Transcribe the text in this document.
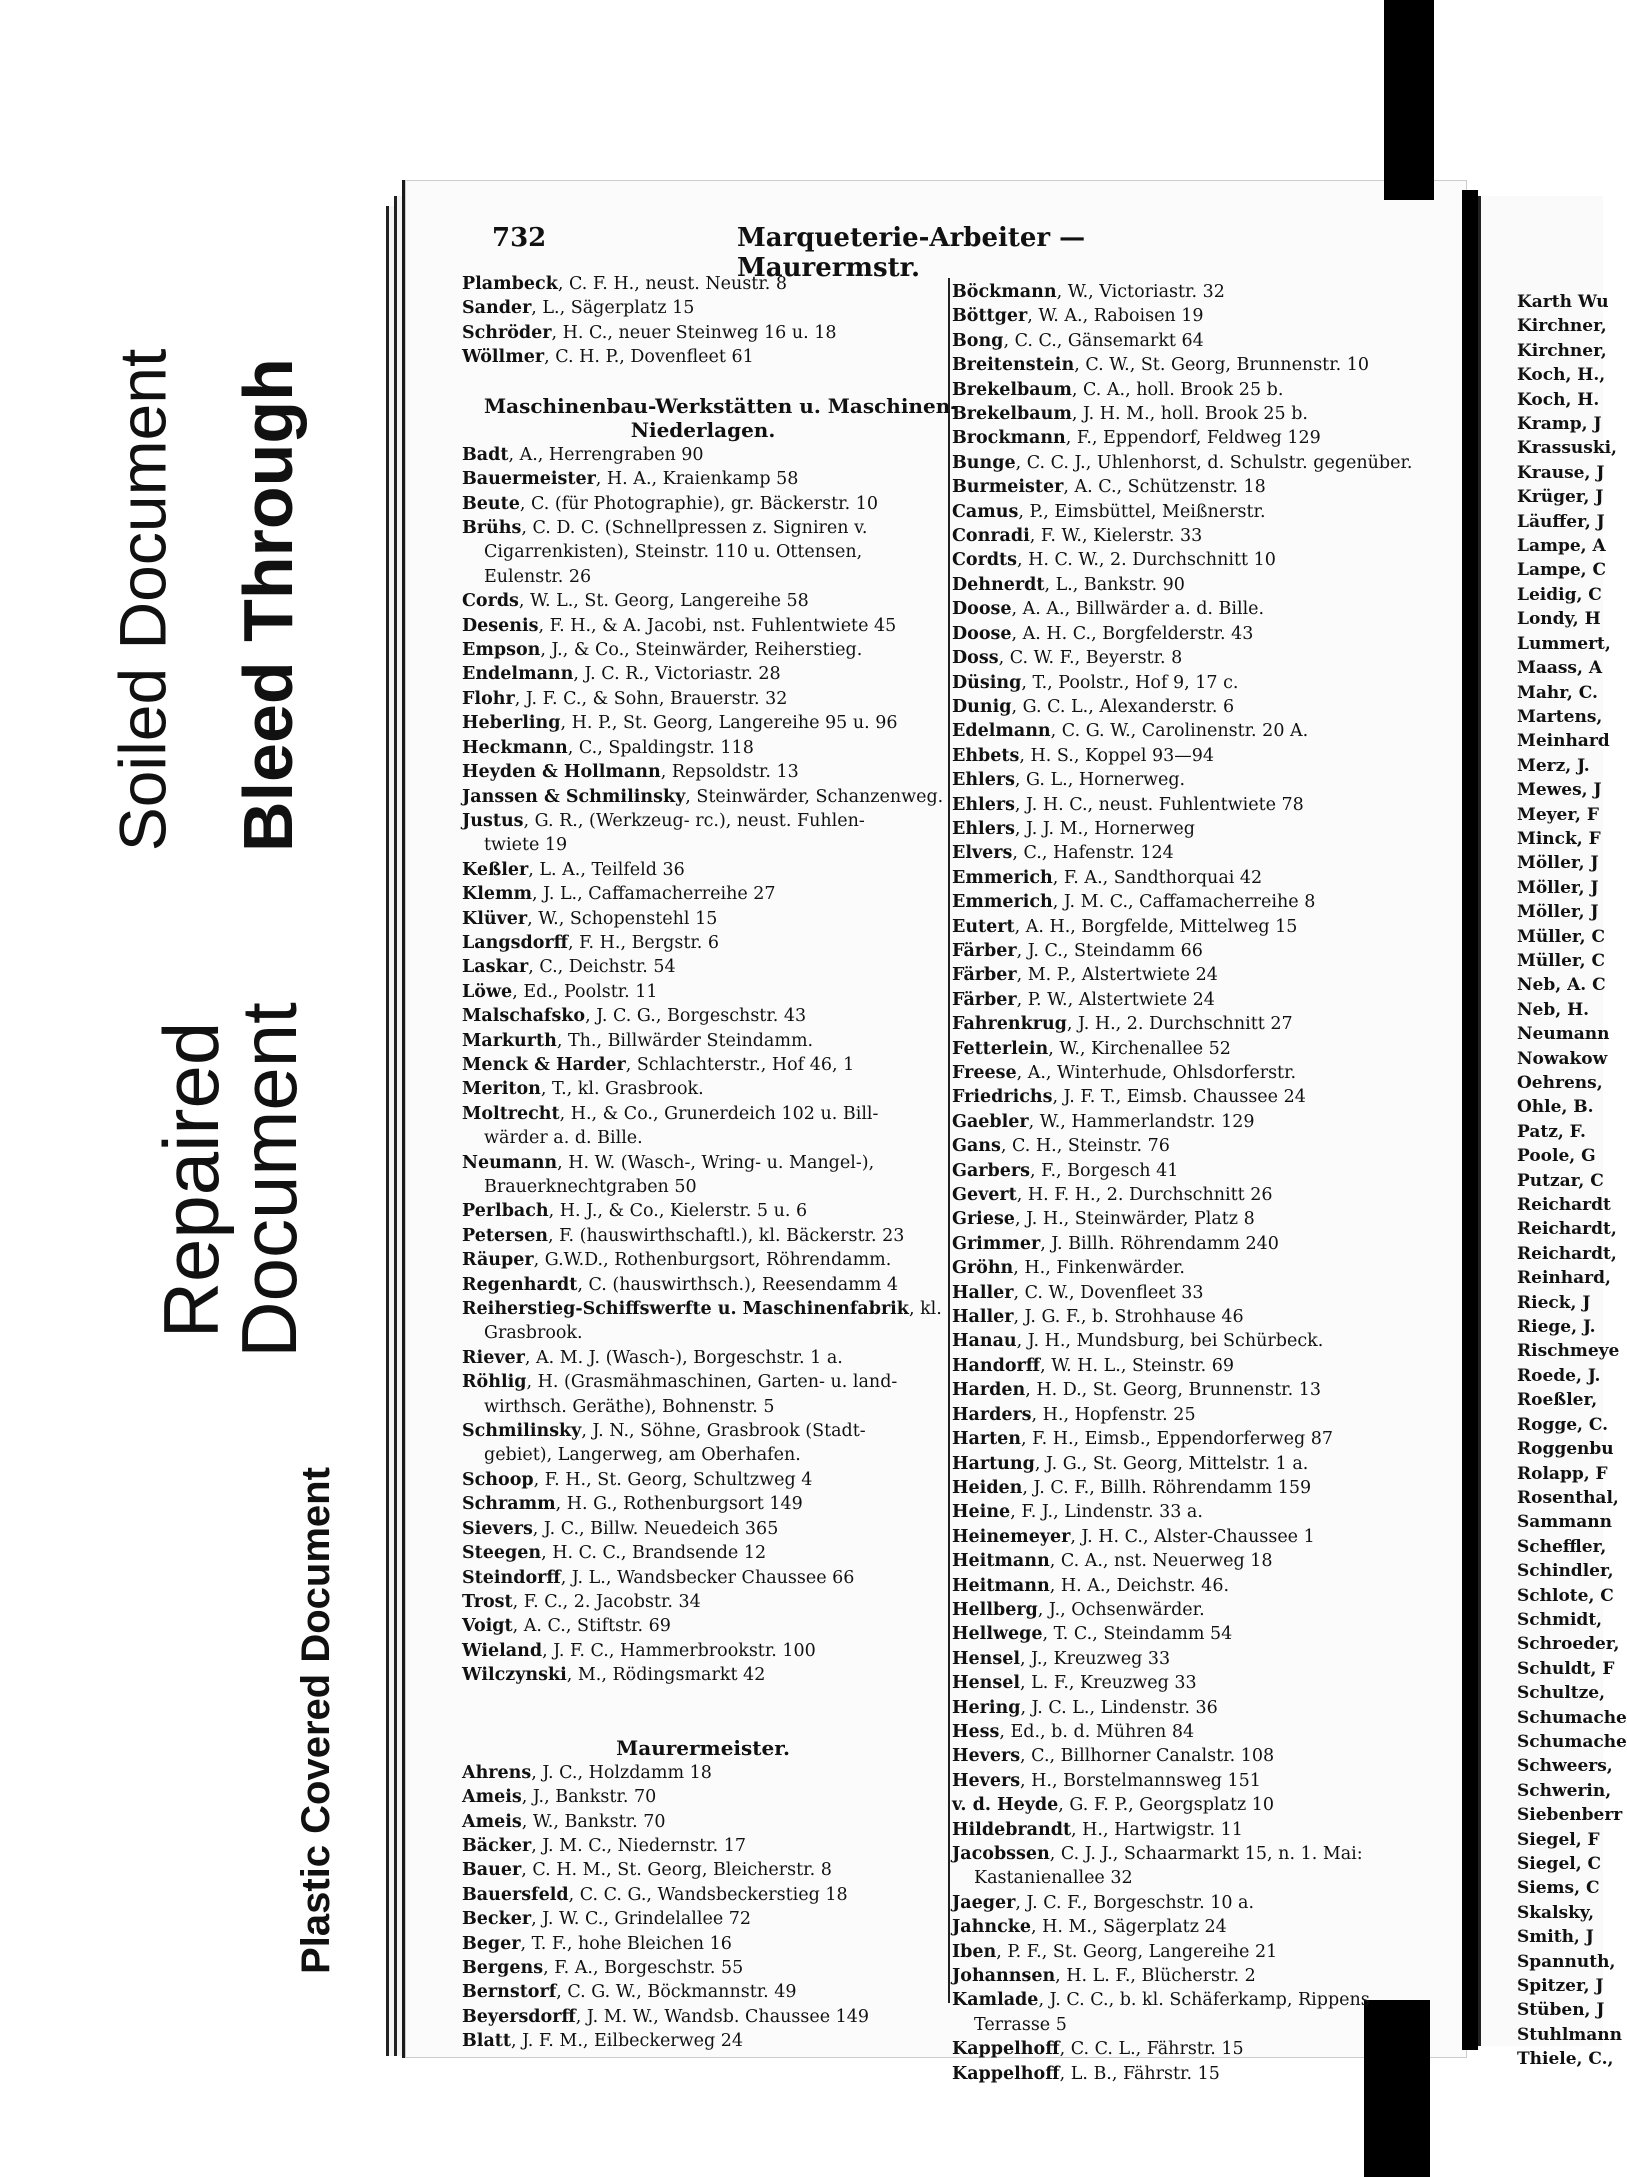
Soiled Document Bleed Through
Repaired
Document
Plastic Covered Document
Karth Wu
Kirchner,
Kirchner,
Koch, H.,
Koch, H.
Kramp, J
Krassuski,
Krause, J
Krüger, J
Läuffer, J
Lampe, A
Lampe, C
Leidig, C
Londy, H
Lummert,
Maass, A
Mahr, C.
Martens,
Meinhard
Merz, J.
Mewes, J
Meyer, F
Minck, F
Möller, J
Möller, J
Möller, J
Müller, C
Müller, C
Neb, A. C
Neb, H.
Neumann
Nowakow
Oehrens,
Ohle, B.
Patz, F.
Poole, G
Putzar, C
Reichardt
Reichardt,
Reichardt,
Reinhard,
Rieck, J
Riege, J.
Rischmeye
Roede, J.
Roeßler,
Rogge, C.
Roggenbu
Rolapp, F
Rosenthal,
Sammann
Scheffler,
Schindler,
Schlote, C
Schmidt,
Schroeder,
Schuldt, F
Schultze,
Schumache
Schumache
Schweers,
Schwerin,
Siebenberr
Siegel, F
Siegel, C
Siems, C
Skalsky,
Smith, J
Spannuth,
Spitzer, J
Stüben, J
Stuhlmann
Thiele, C.,
732	Marqueterie-Arbeiter — Maurermstr.
Plambeck, C. F. H., neust. Neustr. 8
Sander, L., Sägerplatz 15
Schröder, H. C., neuer Steinweg 16 u. 18
Wöllmer, C. H. P., Dovenfleet 61
Maschinenbau-Werkstätten u. Maschinen-
Niederlagen.
Badt, A., Herrengraben 90
Bauermeister, H. A., Kraienkamp 58
Beute, C. (für Photographie), gr. Bäckerstr. 10
Brühs, C. D. C. (Schnellpressen z. Signiren v.
Cigarrenkisten), Steinstr. 110 u. Ottensen,
Eulenstr. 26
Cords, W. L., St. Georg, Langereihe 58
Desenis, F. H., & A. Jacobi, nst. Fuhlentwiete 45
Empson, J., & Co., Steinwärder, Reiherstieg.
Endelmann, J. C. R., Victoriastr. 28
Flohr, J. F. C., & Sohn, Brauerstr. 32
Heberling, H. P., St. Georg, Langereihe 95 u. 96
Heckmann, C., Spaldingstr. 118
Heyden & Hollmann, Repsoldstr. 13
Janssen & Schmilinsky, Steinwärder, Schanzenweg.
Justus, G. R., (Werkzeug- rc.), neust. Fuhlen-
twiete 19
Keßler, L. A., Teilfeld 36
Klemm, J. L., Caffamacherreihe 27
Klüver, W., Schopenstehl 15
Langsdorff, F. H., Bergstr. 6
Laskar, C., Deichstr. 54
Löwe, Ed., Poolstr. 11
Malschafsko, J. C. G., Borgeschstr. 43
Markurth, Th., Billwärder Steindamm.
Menck & Harder, Schlachterstr., Hof 46, 1
Meriton, T., kl. Grasbrook.
Moltrecht, H., & Co., Grunerdeich 102 u. Bill-
wärder a. d. Bille.
Neumann, H. W. (Wasch-, Wring- u. Mangel-),
Brauerknechtgraben 50
Perlbach, H. J., & Co., Kielerstr. 5 u. 6
Petersen, F. (hauswirthschaftl.), kl. Bäckerstr. 23
Räuper, G.W.D., Rothenburgsort, Röhrendamm.
Regenhardt, C. (hauswirthsch.), Reesendamm 4
Reiherstieg-Schiffswerfte u. Maschinenfabrik, kl.
Grasbrook.
Riever, A. M. J. (Wasch-), Borgeschstr. 1 a.
Röhlig, H. (Grasmähmaschinen, Garten- u. land-
wirthsch. Geräthe), Bohnenstr. 5
Schmilinsky, J. N., Söhne, Grasbrook (Stadt-
gebiet), Langerweg, am Oberhafen.
Schoop, F. H., St. Georg, Schultzweg 4
Schramm, H. G., Rothenburgsort 149
Sievers, J. C., Billw. Neuedeich 365
Steegen, H. C. C., Brandsende 12
Steindorff, J. L., Wandsbecker Chaussee 66
Trost, F. C., 2. Jacobstr. 34
Voigt, A. C., Stiftstr. 69
Wieland, J. F. C., Hammerbrookstr. 100
Wilczynski, M., Rödingsmarkt 42
Maurermeister.
Ahrens, J. C., Holzdamm 18
Ameis, J., Bankstr. 70
Ameis, W., Bankstr. 70
Bäcker, J. M. C., Niedernstr. 17
Bauer, C. H. M., St. Georg, Bleicherstr. 8
Bauersfeld, C. C. G., Wandsbeckerstieg 18
Becker, J. W. C., Grindelallee 72
Beger, T. F., hohe Bleichen 16
Bergens, F. A., Borgeschstr. 55
Bernstorf, C. G. W., Böckmannstr. 49
Beyersdorff, J. M. W., Wandsb. Chaussee 149
Blatt, J. F. M., Eilbeckerweg 24
Böckmann, W., Victoriastr. 32
Böttger, W. A., Raboisen 19
Bong, C. C., Gänsemarkt 64
Breitenstein, C. W., St. Georg, Brunnenstr. 10
Brekelbaum, C. A., holl. Brook 25 b.
Brekelbaum, J. H. M., holl. Brook 25 b.
Brockmann, F., Eppendorf, Feldweg 129
Bunge, C. C. J., Uhlenhorst, d. Schulstr. gegenüber.
Burmeister, A. C., Schützenstr. 18
Camus, P., Eimsbüttel, Meißnerstr.
Conradi, F. W., Kielerstr. 33
Cordts, H. C. W., 2. Durchschnitt 10
Dehnerdt, L., Bankstr. 90
Doose, A. A., Billwärder a. d. Bille.
Doose, A. H. C., Borgfelderstr. 43
Doss, C. W. F., Beyerstr. 8
Düsing, T., Poolstr., Hof 9, 17 c.
Dunig, G. C. L., Alexanderstr. 6
Edelmann, C. G. W., Carolinenstr. 20 A.
Ehbets, H. S., Koppel 93—94
Ehlers, G. L., Hornerweg.
Ehlers, J. H. C., neust. Fuhlentwiete 78
Ehlers, J. J. M., Hornerweg
Elvers, C., Hafenstr. 124
Emmerich, F. A., Sandthorquai 42
Emmerich, J. M. C., Caffamacherreihe 8
Eutert, A. H., Borgfelde, Mittelweg 15
Färber, J. C., Steindamm 66
Färber, M. P., Alstertwiete 24
Färber, P. W., Alstertwiete 24
Fahrenkrug, J. H., 2. Durchschnitt 27
Fetterlein, W., Kirchenallee 52
Freese, A., Winterhude, Ohlsdorferstr.
Friedrichs, J. F. T., Eimsb. Chaussee 24
Gaebler, W., Hammerlandstr. 129
Gans, C. H., Steinstr. 76
Garbers, F., Borgesch 41
Gevert, H. F. H., 2. Durchschnitt 26
Griese, J. H., Steinwärder, Platz 8
Grimmer, J. Billh. Röhrendamm 240
Gröhn, H., Finkenwärder.
Haller, C. W., Dovenfleet 33
Haller, J. G. F., b. Strohhause 46
Hanau, J. H., Mundsburg, bei Schürbeck.
Handorff, W. H. L., Steinstr. 69
Harden, H. D., St. Georg, Brunnenstr. 13
Harders, H., Hopfenstr. 25
Harten, F. H., Eimsb., Eppendorferweg 87
Hartung, J. G., St. Georg, Mittelstr. 1 a.
Heiden, J. C. F., Billh. Röhrendamm 159
Heine, F. J., Lindenstr. 33 a.
Heinemeyer, J. H. C., Alster-Chaussee 1
Heitmann, C. A., nst. Neuerweg 18
Heitmann, H. A., Deichstr. 46.
Hellberg, J., Ochsenwärder.
Hellwege, T. C., Steindamm 54
Hensel, J., Kreuzweg 33
Hensel, L. F., Kreuzweg 33
Hering, J. C. L., Lindenstr. 36
Hess, Ed., b. d. Mühren 84
Hevers, C., Billhorner Canalstr. 108
Hevers, H., Borstelmannsweg 151
v. d. Heyde, G. F. P., Georgsplatz 10
Hildebrandt, H., Hartwigstr. 11
Jacobssen, C. J. J., Schaarmarkt 15, n. 1. Mai:
Kastanienallee 32
Jaeger, J. C. F., Borgeschstr. 10 a.
Jahncke, H. M., Sägerplatz 24
Iben, P. F., St. Georg, Langereihe 21
Johannsen, H. L. F., Blücherstr. 2
Kamlade, J. C. C., b. kl. Schäferkamp, Rippens
Terrasse 5
Kappelhoff, C. C. L., Fährstr. 15
Kappelhoff, L. B., Fährstr. 15
